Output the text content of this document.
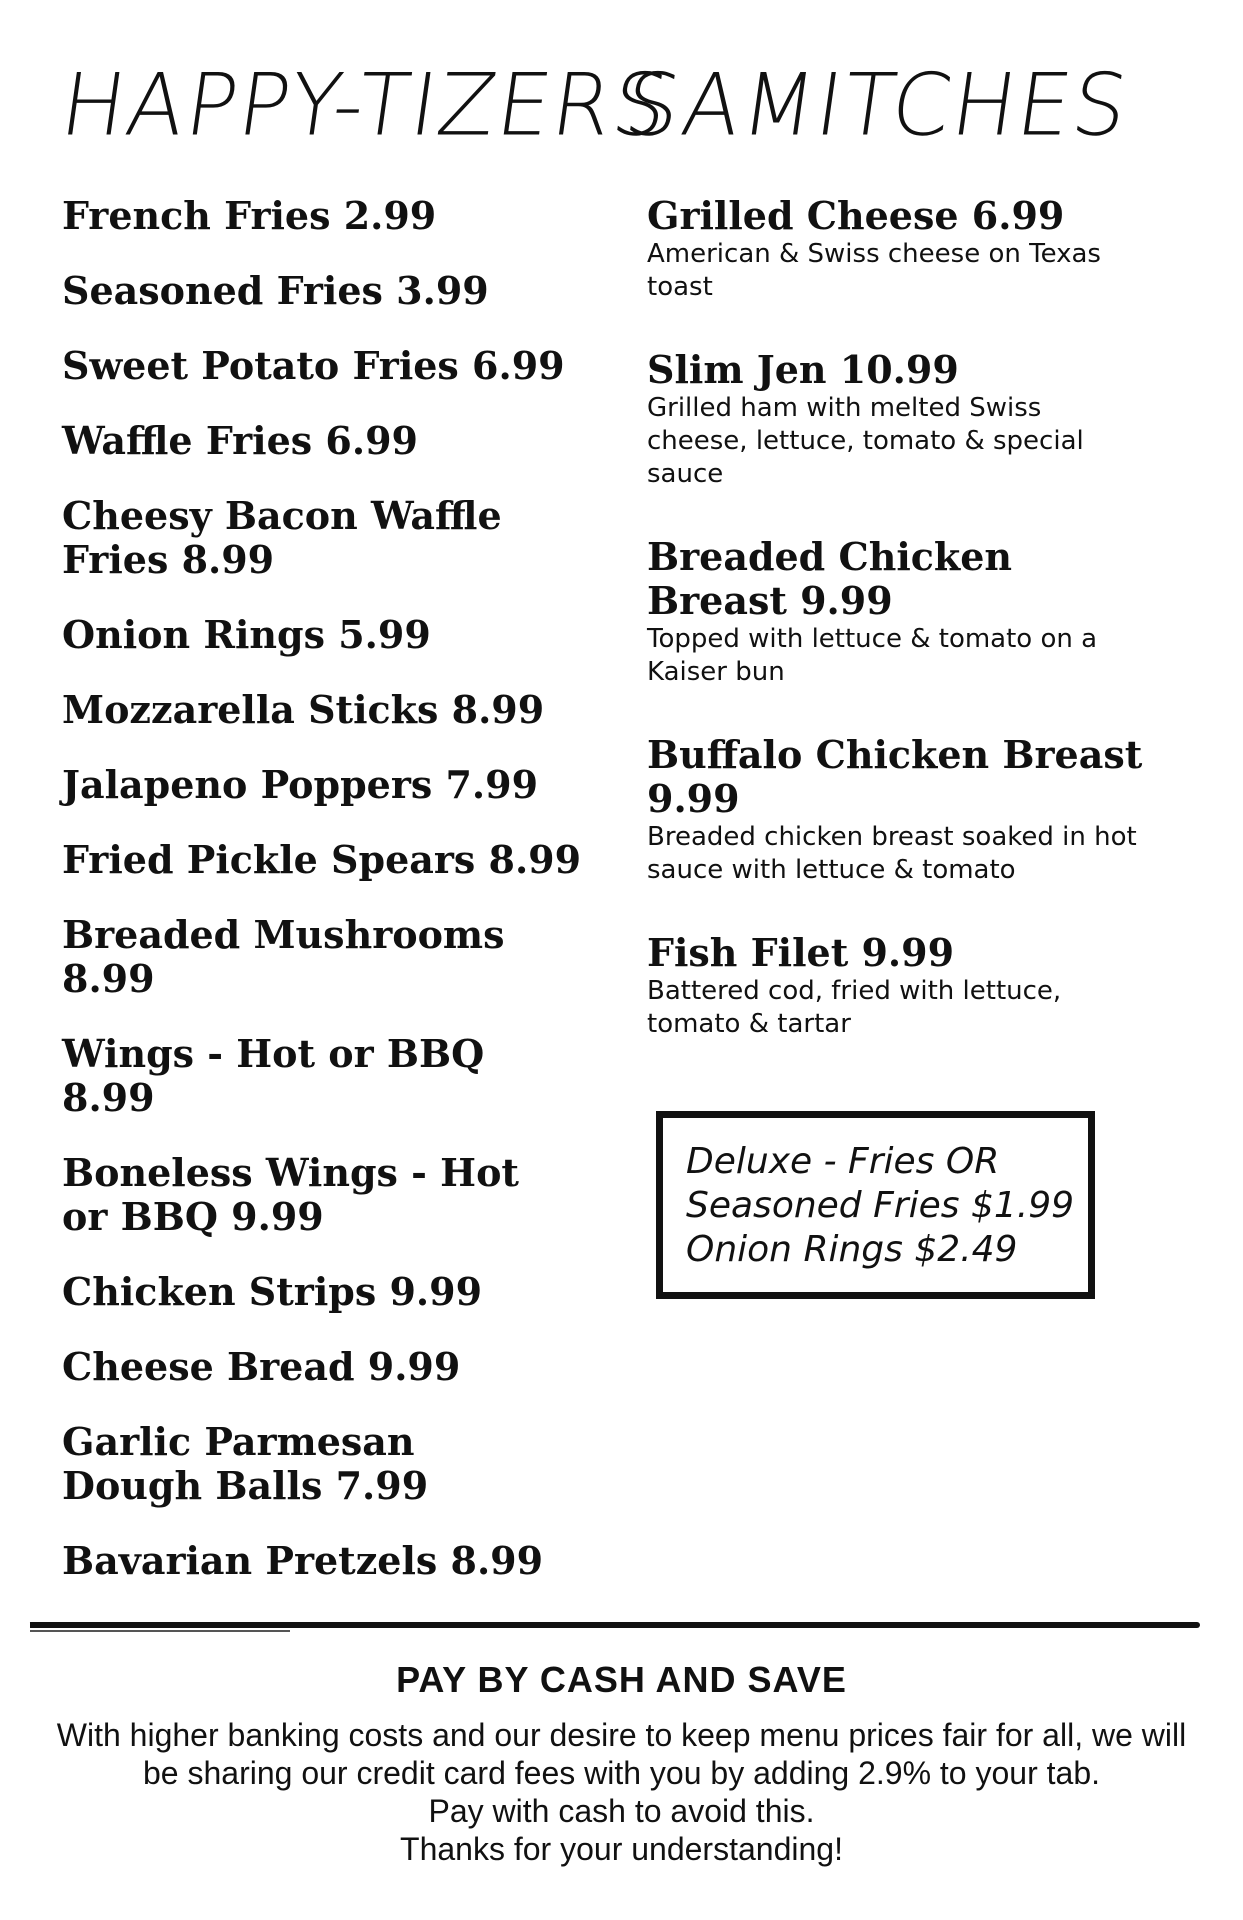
HAPPY-TIZERS
SAMITCHES
French Fries 2.99
Seasoned Fries 3.99
Sweet Potato Fries 6.99
Waffle Fries 6.99
Cheesy Bacon Waffle Fries 8.99
Onion Rings 5.99
Mozzarella Sticks 8.99
Jalapeno Poppers 7.99
Fried Pickle Spears 8.99
Breaded Mushrooms 8.99
Wings - Hot or BBQ 8.99
Boneless Wings - Hot or BBQ 9.99
Chicken Strips 9.99
Cheese Bread 9.99
Garlic Parmesan Dough Balls 7.99
Bavarian Pretzels 8.99
Grilled Cheese 6.99
American & Swiss cheese on Texas toast
Slim Jen 10.99
Grilled ham with melted Swiss cheese, lettuce, tomato & special sauce
Breaded Chicken Breast 9.99
Topped with lettuce & tomato on a Kaiser bun
Buffalo Chicken Breast 9.99
Breaded chicken breast soaked in hot sauce with lettuce & tomato
Fish Filet 9.99
Battered cod, fried with lettuce, tomato & tartar
Deluxe - Fries OR
Seasoned Fries $1.99
Onion Rings $2.49
PAY BY CASH AND SAVE
With higher banking costs and our desire to keep menu prices fair for all, we will
be sharing our credit card fees with you by adding 2.9% to your tab.
Pay with cash to avoid this.
Thanks for your understanding!
